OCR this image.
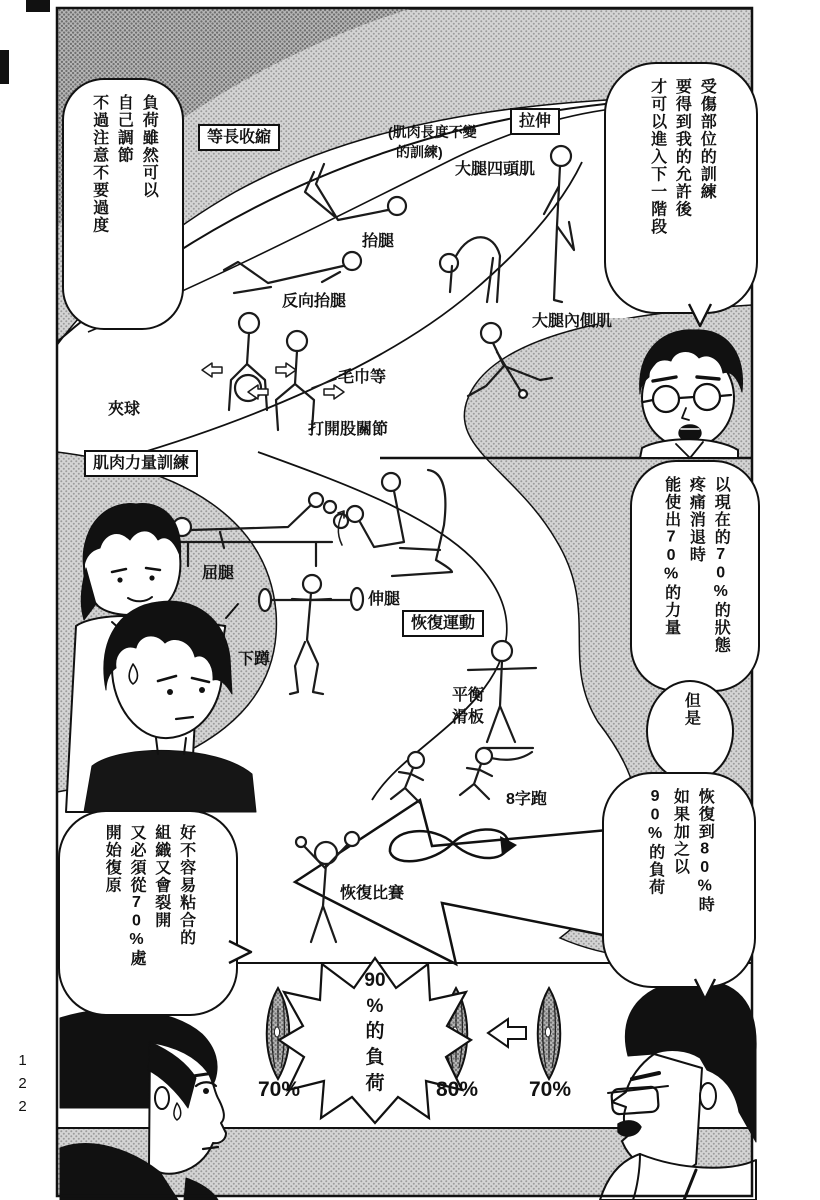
負荷雖然可以
自己調節
不過注意不要過度	受傷部位的訓練
要得到我的允許後
才可以進入下一階段
以現在的70%的狀態
疼痛消退時
能使出70%的力量
但是
恢復到80%時
如果加之以
90%的負荷
好不容易粘合的
組織又會裂開
又必須從70%處
開始復原
等長收縮	(肌肉長度不變
的訓練)
拉伸
肌肉力量訓練
恢復運動
大腿四頭肌
抬腿
反向抬腿
大腿內側肌
夾球
毛巾等
打開股關節
屈腿
伸腿
下蹲
平衡
滑板
8字跑
恢復比賽
90
%
的
負
荷
70%	80%	70%
122
